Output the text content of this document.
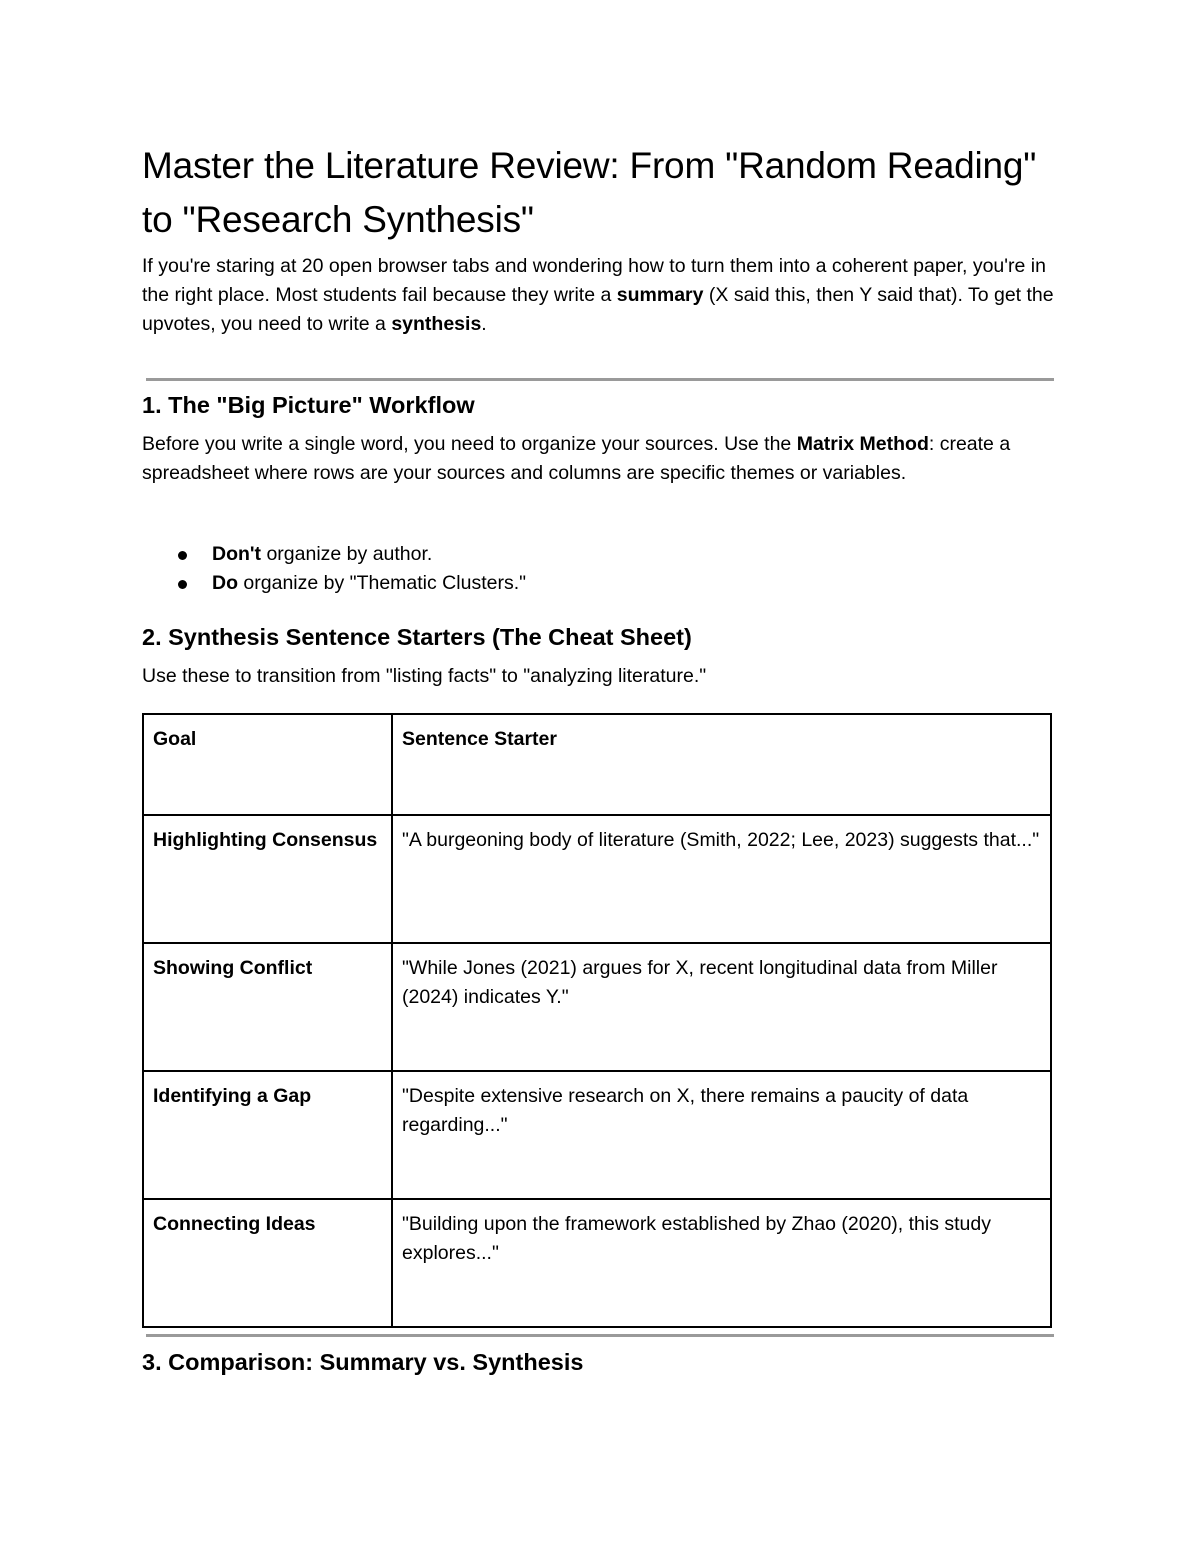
Master the Literature Review: From "Random Reading" to "Research Synthesis"

If you're staring at 20 open browser tabs and wondering how to turn them into a coherent paper, you're in the right place. Most students fail because they write a summary (X said this, then Y said that). To get the upvotes, you need to write a synthesis.

1. The "Big Picture" Workflow

Before you write a single word, you need to organize your sources. Use the Matrix Method: create a spreadsheet where rows are your sources and columns are specific themes or variables.

Don't organize by author.
Do organize by "Thematic Clusters."
2. Synthesis Sentence Starters (The Cheat Sheet)

Use these to transition from "listing facts" to "analyzing literature."

Goal	Sentence Starter
Highlighting Consensus	"A burgeoning body of literature (Smith, 2022; Lee, 2023) suggests that..."
Showing Conflict	"While Jones (2021) argues for X, recent longitudinal data from Miller (2024) indicates Y."
Identifying a Gap	"Despite extensive research on X, there remains a paucity of data regarding..."
Connecting Ideas	"Building upon the framework established by Zhao (2020), this study explores..."
3. Comparison: Summary vs. Synthesis
